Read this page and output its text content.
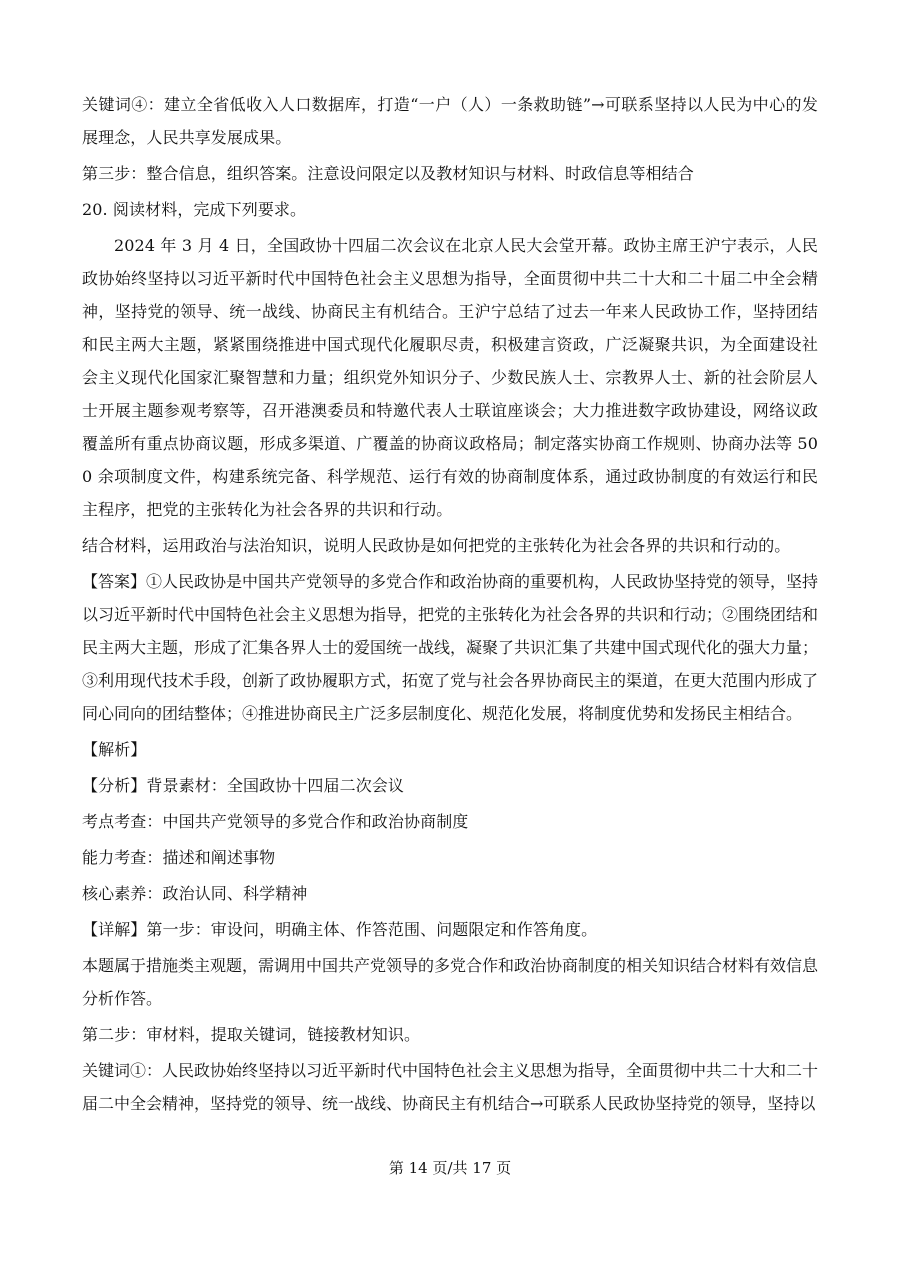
关键词④：建立全省低收入人口数据库，打造“一户（人）一条救助链”→可联系坚持以人民为中心的发展理念，人民共享发展成果。

第三步：整合信息，组织答案。注意设问限定以及教材知识与材料、时政信息等相结合

20. 阅读材料，完成下列要求。

2024 年 3 月 4 日，全国政协十四届二次会议在北京人民大会堂开幕。政协主席王沪宁表示，人民政协始终坚持以习近平新时代中国特色社会主义思想为指导，全面贯彻中共二十大和二十届二中全会精神，坚持党的领导、统一战线、协商民主有机结合。王沪宁总结了过去一年来人民政协工作，坚持团结和民主两大主题，紧紧围绕推进中国式现代化履职尽责，积极建言资政，广泛凝聚共识，为全面建设社会主义现代化国家汇聚智慧和力量；组织党外知识分子、少数民族人士、宗教界人士、新的社会阶层人士开展主题参观考察等，召开港澳委员和特邀代表人士联谊座谈会；大力推进数字政协建设，网络议政覆盖所有重点协商议题，形成多渠道、广覆盖的协商议政格局；制定落实协商工作规则、协商办法等 500 余项制度文件，构建系统完备、科学规范、运行有效的协商制度体系，通过政协制度的有效运行和民主程序，把党的主张转化为社会各界的共识和行动。

结合材料，运用政治与法治知识，说明人民政协是如何把党的主张转化为社会各界的共识和行动的。

【答案】①人民政协是中国共产党领导的多党合作和政治协商的重要机构，人民政协坚持党的领导，坚持以习近平新时代中国特色社会主义思想为指导，把党的主张转化为社会各界的共识和行动；②围绕团结和民主两大主题，形成了汇集各界人士的爱国统一战线，凝聚了共识汇集了共建中国式现代化的强大力量；③利用现代技术手段，创新了政协履职方式，拓宽了党与社会各界协商民主的渠道，在更大范围内形成了同心同向的团结整体；④推进协商民主广泛多层制度化、规范化发展，将制度优势和发扬民主相结合。

【解析】

【分析】背景素材：全国政协十四届二次会议

考点考查：中国共产党领导的多党合作和政治协商制度

能力考查：描述和阐述事物

核心素养：政治认同、科学精神

【详解】第一步：审设问，明确主体、作答范围、问题限定和作答角度。

本题属于措施类主观题，需调用中国共产党领导的多党合作和政治协商制度的相关知识结合材料有效信息分析作答。

第二步：审材料，提取关键词，链接教材知识。

关键词①：人民政协始终坚持以习近平新时代中国特色社会主义思想为指导，全面贯彻中共二十大和二十届二中全会精神，坚持党的领导、统一战线、协商民主有机结合→可联系人民政协坚持党的领导，坚持以

第 14 页/共 17 页
